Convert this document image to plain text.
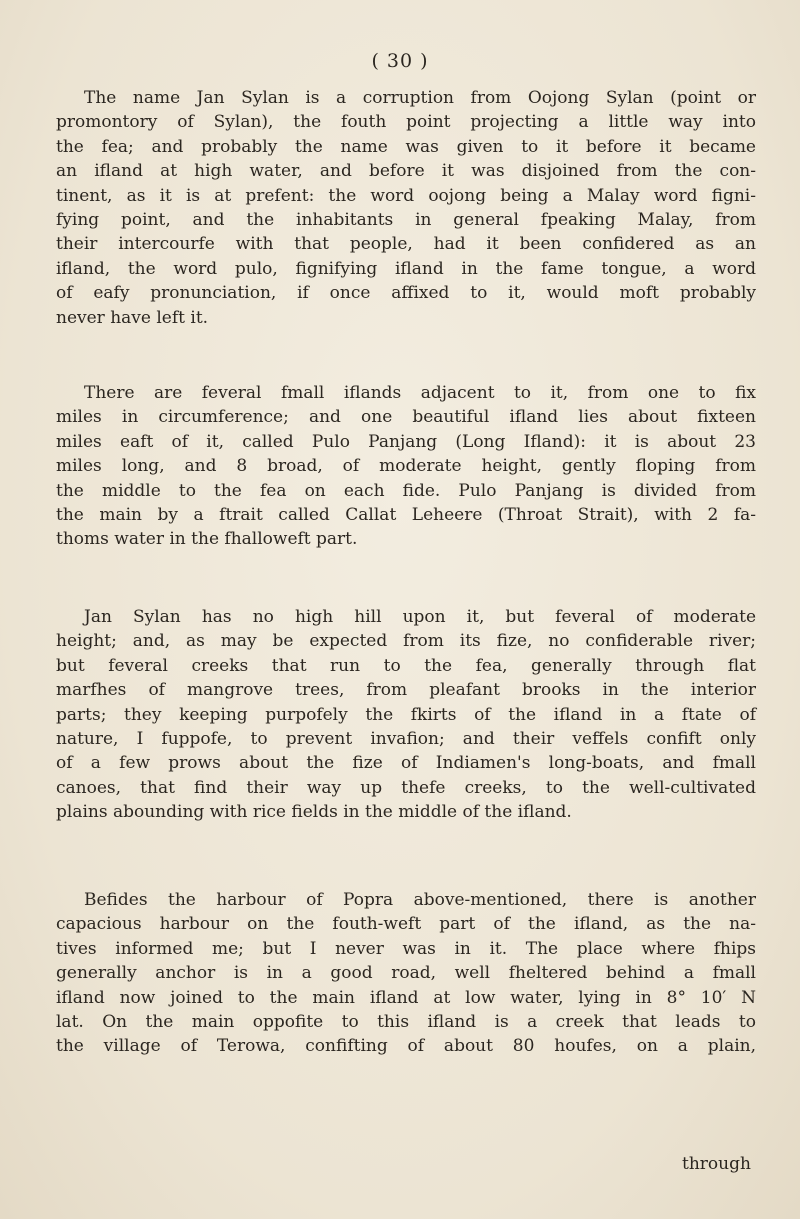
( 30 )

The name Jan Sylan is a corruption from Oojong Sylan (point or
promontory of Sylan), the fouth point projecting a little way into
the fea; and probably the name was given to it before it became
an ifland at high water, and before it was disjoined from the con-
tinent, as it is at prefent: the word oojong being a Malay word figni-
fying point, and the inhabitants in general fpeaking Malay, from
their intercourfe with that people, had it been confidered as an
ifland, the word pulo, fignifying ifland in the fame tongue, a word
of eafy pronunciation, if once affixed to it, would moft probably
never have left it.

There are feveral fmall iflands adjacent to it, from one to fix
miles in circumference; and one beautiful ifland lies about fixteen
miles eaft of it, called Pulo Panjang (Long Ifland): it is about 23
miles long, and 8 broad, of moderate height, gently floping from
the middle to the fea on each fide. Pulo Panjang is divided from
the main by a ftrait called Callat Leheere (Throat Strait), with 2 fa-
thoms water in the fhalloweft part.

Jan Sylan has no high hill upon it, but feveral of moderate
height; and, as may be expected from its fize, no confiderable river;
but feveral creeks that run to the fea, generally through flat
marfhes of mangrove trees, from pleafant brooks in the interior
parts; they keeping purpofely the fkirts of the ifland in a ftate of
nature, I fuppofe, to prevent invafion; and their veffels confift only
of a few prows about the fize of Indiamen's long-boats, and fmall
canoes, that find their way up thefe creeks, to the well-cultivated
plains abounding with rice fields in the middle of the ifland.

Befides the harbour of Popra above-mentioned, there is another
capacious harbour on the fouth-weft part of the ifland, as the na-
tives informed me; but I never was in it. The place where fhips
generally anchor is in a good road, well fheltered behind a fmall
ifland now joined to the main ifland at low water, lying in 8° 10′ N
lat. On the main oppofite to this ifland is a creek that leads to
the village of Terowa, confifting of about 80 houfes, on a plain,

through
